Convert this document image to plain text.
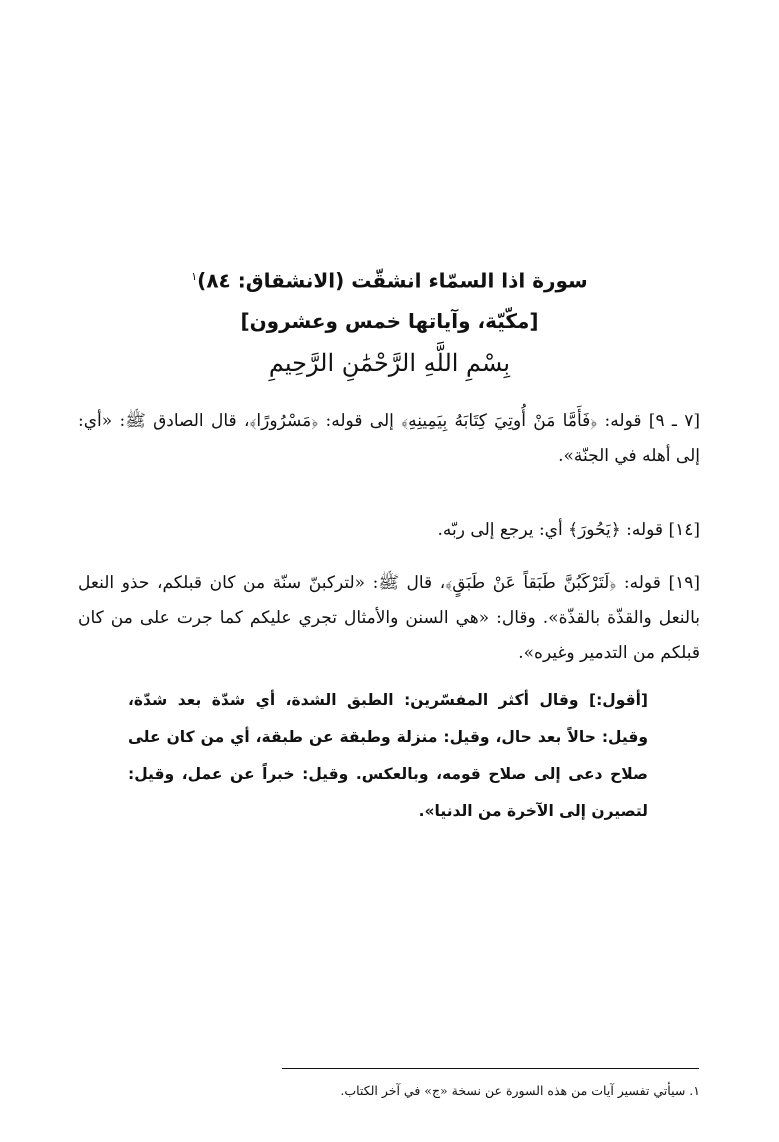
سورة اذا السمّاء انشقّت (الانشقاق: ٨٤)$^١$
[مكّيّة، وآياتها خمس وعشرون]
بِسْمِ اللَّهِ الرَّحْمَٰنِ الرَّحِيمِ
[٧ ـ ٩] قوله: ﴿فَأَمَّا مَنْ أُوتِيَ كِتَابَهُ بِيَمِينِهِ﴾ إلى قوله: ﴿مَسْرُورًا﴾، قال الصادق ﷺ: «أي: إلى أهله في الجنّة».
[١٤] قوله: ﴿يَحُورَ﴾ أي: يرجع إلى ربّه.
[١٩] قوله: ﴿لَتَرْكَبُنَّ طَبَقاً عَنْ طَبَقٍ﴾، قال ﷺ: «لتركبنّ سنّة من كان قبلكم، حذو النعل بالنعل والقذّة بالقذّة». وقال: «هي السنن والأمثال تجري عليكم كما جرت على من كان قبلكم من التدمير وغيره».
[أقول:] وقال أكثر المفسّرين: الطبق الشدة، أي شدّة بعد شدّة، وقيل: حالاً بعد حال، وقيل: منزلة وطبقة عن طبقة، أي من كان على صلاح دعى إلى صلاح قومه، وبالعكس. وقيل: خبراً عن عمل، وقيل: لتصيرن إلى الآخرة من الدنيا».
١. سيأتي تفسير آيات من هذه السورة عن نسخة «ج» في آخر الكتاب.
